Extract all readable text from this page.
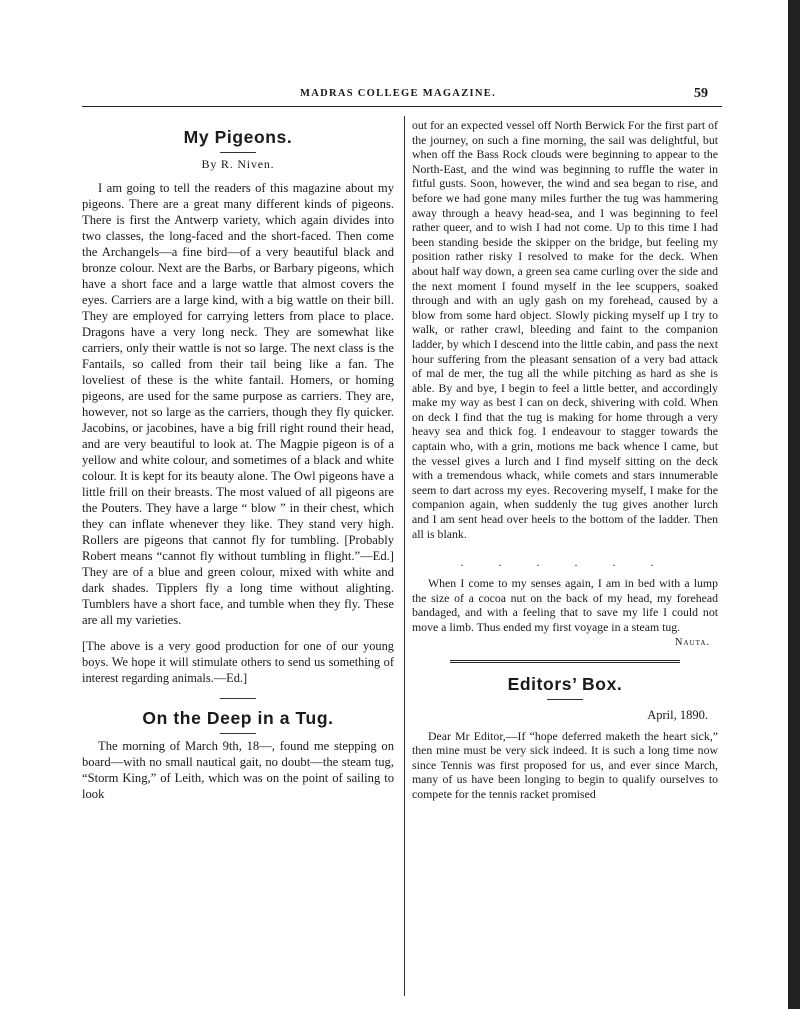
MADRAS COLLEGE MAGAZINE.	59
My Pigeons.

By R. Niven.

I am going to tell the readers of this magazine about my pigeons. There are a great many different kinds of pigeons. There is first the Antwerp variety, which again divides into two classes, the long-faced and the short-faced. Then come the Archangels—a fine bird—of a very beautiful black and bronze colour. Next are the Barbs, or Barbary pigeons, which have a short face and a large wattle that almost covers the eyes. Carriers are a large kind, with a big wattle on their bill. They are employed for carrying letters from place to place. Dragons have a very long neck. They are somewhat like carriers, only their wattle is not so large. The next class is the Fantails, so called from their tail being like a fan. The loveliest of these is the white fantail. Homers, or homing pigeons, are used for the same purpose as carriers. They are, however, not so large as the carriers, though they fly quicker. Jacobins, or jacobines, have a big frill right round their head, and are very beautiful to look at. The Magpie pigeon is of a yellow and white colour, and sometimes of a black and white colour. It is kept for its beauty alone. The Owl pigeons have a little frill on their breasts. The most valued of all pigeons are the Pouters. They have a large “ blow ” in their chest, which they can inflate whenever they like. They stand very high. Rollers are pigeons that cannot fly for tumbling. [Probably Robert means “cannot fly without tumbling in flight.”—Ed.] They are of a blue and green colour, mixed with white and dark shades. Tipplers fly a long time without alighting. Tumblers have a short face, and tumble when they fly. These are all my varieties.

[The above is a very good production for one of our young boys. We hope it will stimulate others to send us something of interest regarding animals.—Ed.]

On the Deep in a Tug.

The morning of March 9th, 18—, found me stepping on board—with no small nautical gait, no doubt—the steam tug, “Storm King,” of Leith, which was on the point of sailing to look

out for an expected vessel off North Berwick For the first part of the journey, on such a fine morning, the sail was delightful, but when off the Bass Rock clouds were beginning to appear to the North-East, and the wind was beginning to ruffle the water in fitful gusts. Soon, however, the wind and sea began to rise, and before we had gone many miles further the tug was hammering away through a heavy head-sea, and I was beginning to feel rather queer, and to wish I had not come. Up to this time I had been standing beside the skipper on the bridge, but feeling my position rather risky I resolved to make for the deck. When about half way down, a green sea came curling over the side and the next moment I found myself in the lee scuppers, soaked through and with an ugly gash on my forehead, caused by a blow from some hard object. Slowly picking myself up I try to walk, or rather crawl, bleeding and faint to the companion ladder, by which I descend into the little cabin, and pass the next hour suffering from the pleasant sensation of a very bad attack of mal de mer, the tug all the while pitching as hard as she is able. By and bye, I begin to feel a little better, and accordingly make my way as best I can on deck, shivering with cold. When on deck I find that the tug is making for home through a very heavy sea and thick fog. I endeavour to stagger towards the captain who, with a grin, motions me back whence I came, but the vessel gives a lurch and I find myself sitting on the deck with a tremendous whack, while comets and stars innumerable seem to dart across my eyes. Recovering myself, I make for the companion again, when suddenly the tug gives another lurch and I am sent head over heels to the bottom of the ladder. Then all is blank.

. . . . . .

When I come to my senses again, I am in bed with a lump the size of a cocoa nut on the back of my head, my forehead bandaged, and with a feeling that to save my life I could not move a limb. Thus ended my first voyage in a steam tug.

Nauta.
Editors’ Box.
April, 1890.

Dear Mr Editor,—If “hope deferred maketh the heart sick,” then mine must be very sick indeed. It is such a long time now since Tennis was first proposed for us, and ever since March, many of us have been longing to begin to qualify ourselves to compete for the tennis racket promised
